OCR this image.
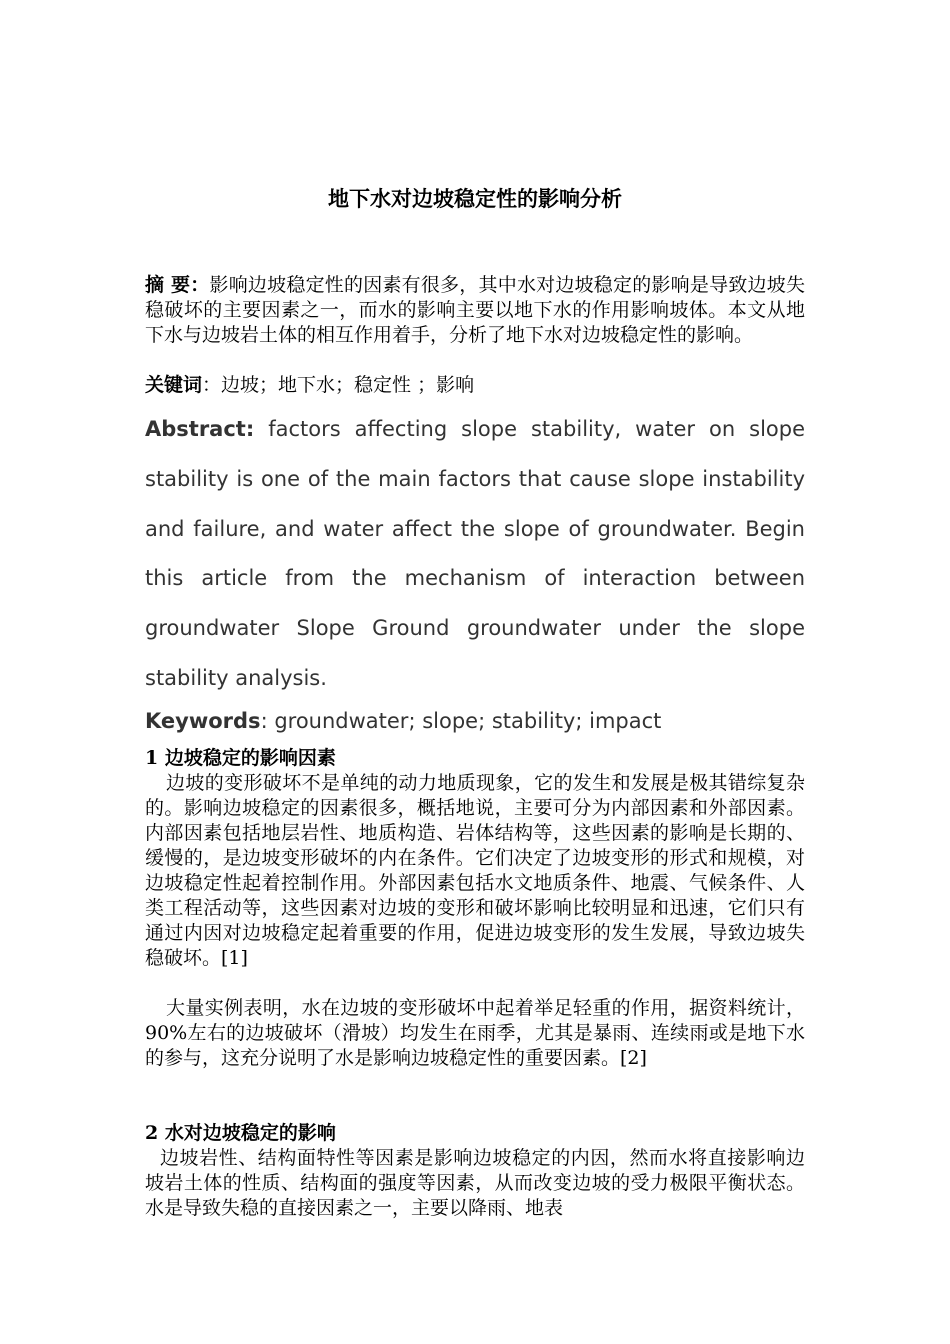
地下水对边坡稳定性的影响分析

摘 要：影响边坡稳定性的因素有很多，其中水对边坡稳定的影响是导致边坡失稳破坏的主要因素之一，而水的影响主要以地下水的作用影响坡体。本文从地下水与边坡岩土体的相互作用着手，分析了地下水对边坡稳定性的影响。

关键词：边坡；地下水；稳定性 ；影响

Abstract: factors affecting slope stability, water on slope stability is one of the main factors that cause slope instability and failure, and water affect the slope of groundwater. Begin this article from the mechanism of interaction between groundwater Slope Ground groundwater under the slope stability analysis.

Keywords: groundwater; slope; stability; impact

1 边坡稳定的影响因素

边坡的变形破坏不是单纯的动力地质现象，它的发生和发展是极其错综复杂的。影响边坡稳定的因素很多，概括地说，主要可分为内部因素和外部因素。内部因素包括地层岩性、地质构造、岩体结构等，这些因素的影响是长期的、缓慢的，是边坡变形破坏的内在条件。它们决定了边坡变形的形式和规模，对边坡稳定性起着控制作用。外部因素包括水文地质条件、地震、气候条件、人类工程活动等，这些因素对边坡的变形和破坏影响比较明显和迅速，它们只有通过内因对边坡稳定起着重要的作用，促进边坡变形的发生发展，导致边坡失稳破坏。[1]

大量实例表明，水在边坡的变形破坏中起着举足轻重的作用，据资料统计，90%左右的边坡破坏（滑坡）均发生在雨季，尤其是暴雨、连续雨或是地下水的参与，这充分说明了水是影响边坡稳定性的重要因素。[2]

2 水对边坡稳定的影响

边坡岩性、结构面特性等因素是影响边坡稳定的内因，然而水将直接影响边坡岩土体的性质、结构面的强度等因素，从而改变边坡的受力极限平衡状态。水是导致失稳的直接因素之一，主要以降雨、地表
